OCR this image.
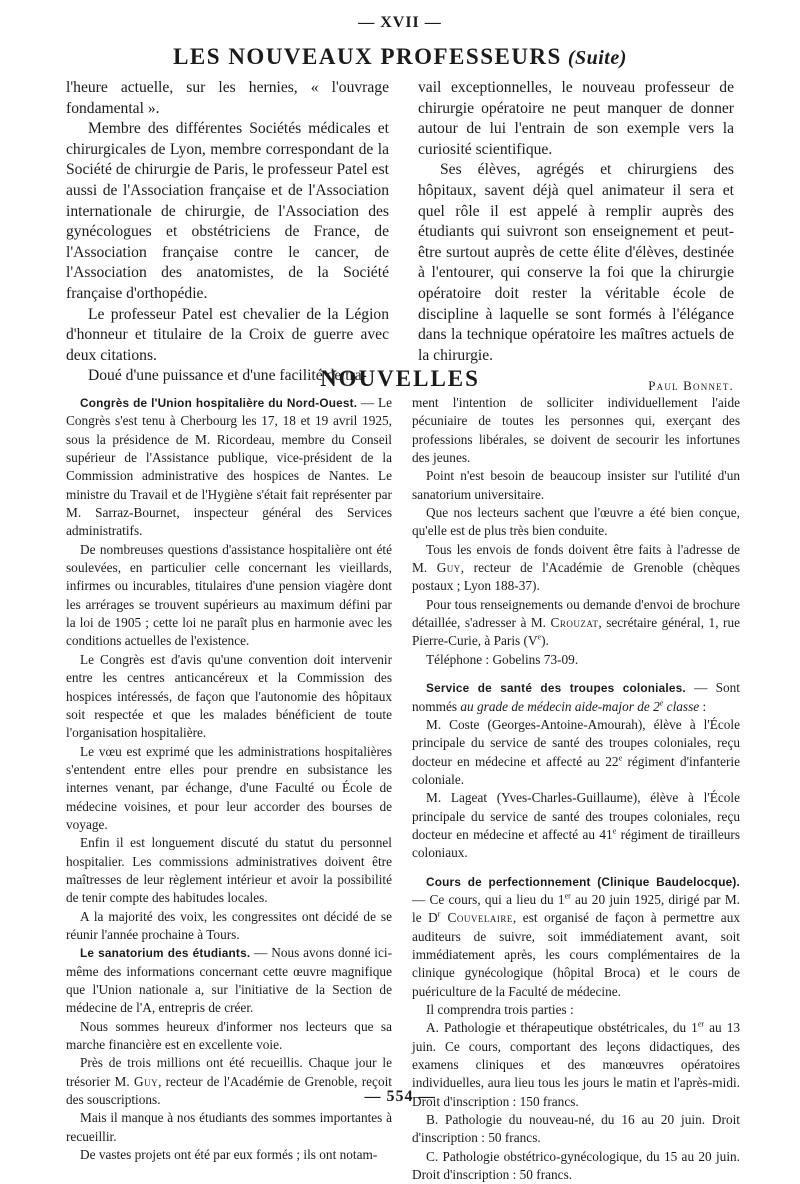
— XVII —
LES NOUVEAUX PROFESSEURS (Suite)

l'heure actuelle, sur les hernies, « l'ouvrage fondamental ».

Membre des différentes Sociétés médicales et chirurgicales de Lyon, membre correspondant de la Société de chirurgie de Paris, le professeur Patel est aussi de l'Association française et de l'Association internationale de chirurgie, de l'Association des gynécologues et obstétriciens de France, de l'Association française contre le cancer, de l'Association des anatomistes, de la Société française d'orthopédie.

Le professeur Patel est chevalier de la Légion d'honneur et titulaire de la Croix de guerre avec deux citations.

Doué d'une puissance et d'une facilité de tra-

vail exceptionnelles, le nouveau professeur de chirurgie opératoire ne peut manquer de donner autour de lui l'entrain de son exemple vers la curiosité scientifique.

Ses élèves, agrégés et chirurgiens des hôpitaux, savent déjà quel animateur il sera et quel rôle il est appelé à remplir auprès des étudiants qui suivront son enseignement et peut-être surtout auprès de cette élite d'élèves, destinée à l'entourer, qui conserve la foi que la chirurgie opératoire doit rester la véritable école de discipline à laquelle se sont formés à l'élégance dans la technique opératoire les maîtres actuels de la chirurgie.

Paul Bonnet.

NOUVELLES

Congrès de l'Union hospitalière du Nord-Ouest. — Le Congrès s'est tenu à Cherbourg les 17, 18 et 19 avril 1925, sous la présidence de M. Ricordeau, membre du Conseil supérieur de l'Assistance publique, vice-président de la Commission administrative des hospices de Nantes. Le ministre du Travail et de l'Hygiène s'était fait représenter par M. Sarraz-Bournet, inspecteur général des Services administratifs.

De nombreuses questions d'assistance hospitalière ont été soulevées, en particulier celle concernant les vieillards, infirmes ou incurables, titulaires d'une pension viagère dont les arrérages se trouvent supérieurs au maximum défini par la loi de 1905 ; cette loi ne paraît plus en harmonie avec les conditions actuelles de l'existence.

Le Congrès est d'avis qu'une convention doit intervenir entre les centres anticancéreux et la Commission des hospices intéressés, de façon que l'autonomie des hôpitaux soit respectée et que les malades bénéficient de toute l'organisation hospitalière.

Le vœu est exprimé que les administrations hospitalières s'entendent entre elles pour prendre en subsistance les internes venant, par échange, d'une Faculté ou École de médecine voisines, et pour leur accorder des bourses de voyage.

Enfin il est longuement discuté du statut du personnel hospitalier. Les commissions administratives doivent être maîtresses de leur règlement intérieur et avoir la possibilité de tenir compte des habitudes locales.

A la majorité des voix, les congressites ont décidé de se réunir l'année prochaine à Tours.

Le sanatorium des étudiants. — Nous avons donné ici-même des informations concernant cette œuvre magnifique que l'Union nationale a, sur l'initiative de la Section de médecine de l'A, entrepris de créer.

Nous sommes heureux d'informer nos lecteurs que sa marche financière est en excellente voie.

Près de trois millions ont été recueillis. Chaque jour le trésorier M. Guy, recteur de l'Académie de Grenoble, reçoit des souscriptions.

Mais il manque à nos étudiants des sommes importantes à recueillir.

De vastes projets ont été par eux formés ; ils ont notam-

ment l'intention de solliciter individuellement l'aide pécuniaire de toutes les personnes qui, exerçant des professions libérales, se doivent de secourir les infortunes des jeunes.

Point n'est besoin de beaucoup insister sur l'utilité d'un sanatorium universitaire.

Que nos lecteurs sachent que l'œuvre a été bien conçue, qu'elle est de plus très bien conduite.

Tous les envois de fonds doivent être faits à l'adresse de M. Guy, recteur de l'Académie de Grenoble (chèques postaux ; Lyon 188-37).

Pour tous renseignements ou demande d'envoi de brochure détaillée, s'adresser à M. Crouzat, secrétaire général, 1, rue Pierre-Curie, à Paris (Ve).

Téléphone : Gobelins 73-09.

Service de santé des troupes coloniales. — Sont nommés au grade de médecin aide-major de 2e classe :

M. Coste (Georges-Antoine-Amourah), élève à l'École principale du service de santé des troupes coloniales, reçu docteur en médecine et affecté au 22e régiment d'infanterie coloniale.

M. Lageat (Yves-Charles-Guillaume), élève à l'École principale du service de santé des troupes coloniales, reçu docteur en médecine et affecté au 41e régiment de tirailleurs coloniaux.

Cours de perfectionnement (Clinique Baudelocque). — Ce cours, qui a lieu du 1er au 20 juin 1925, dirigé par M. le $D^r$ Couvelaire, est organisé de façon à permettre aux auditeurs de suivre, soit immédiatement avant, soit immédiatement après, les cours complémentaires de la clinique gynécologique (hôpital Broca) et le cours de puériculture de la Faculté de médecine.

Il comprendra trois parties :

A. Pathologie et thérapeutique obstétricales, du 1er au 13 juin. Ce cours, comportant des leçons didactiques, des examens cliniques et des manœuvres opératoires individuelles, aura lieu tous les jours le matin et l'après-midi. Droit d'inscription : 150 francs.

B. Pathologie du nouveau-né, du 16 au 20 juin. Droit d'inscription : 50 francs.

C. Pathologie obstétrico-gynécologique, du 15 au 20 juin. Droit d'inscription : 50 francs.

— 554 —
